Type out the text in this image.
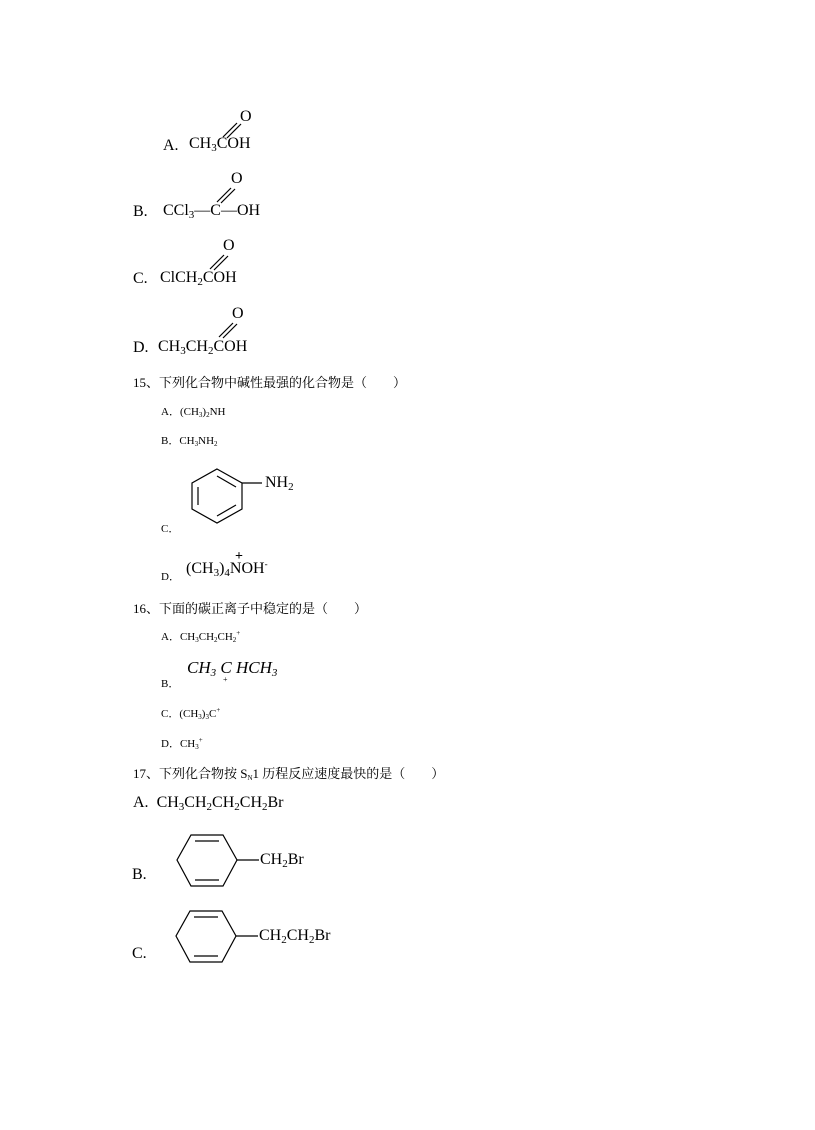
A. $CH_3COH$
O
B. CCl$_3$—C—OH
O
C. ClCH$_2$COH
O
D. $CH_3CH_2COH$
O
15、下列化合物中碱性最强的化合物是（　　）
A．(CH3)2NH
B．CH3NH2
$NH_2$
C．
D． $(CH_3)_4NOH^-$
+
16、下面的碳正离子中稳定的是（　　）
A．CH3CH2CH2+
B．
$CH_3$ C $HCH_3$
+
C．(CH3)3C+
D．CH3+
17、下列化合物按 SN1 历程反应速度最快的是（　　）
A. $CH_3CH_2CH_2CH_2Br$
$CH_2Br$
B.
$CH_2CH_2Br$
C.
